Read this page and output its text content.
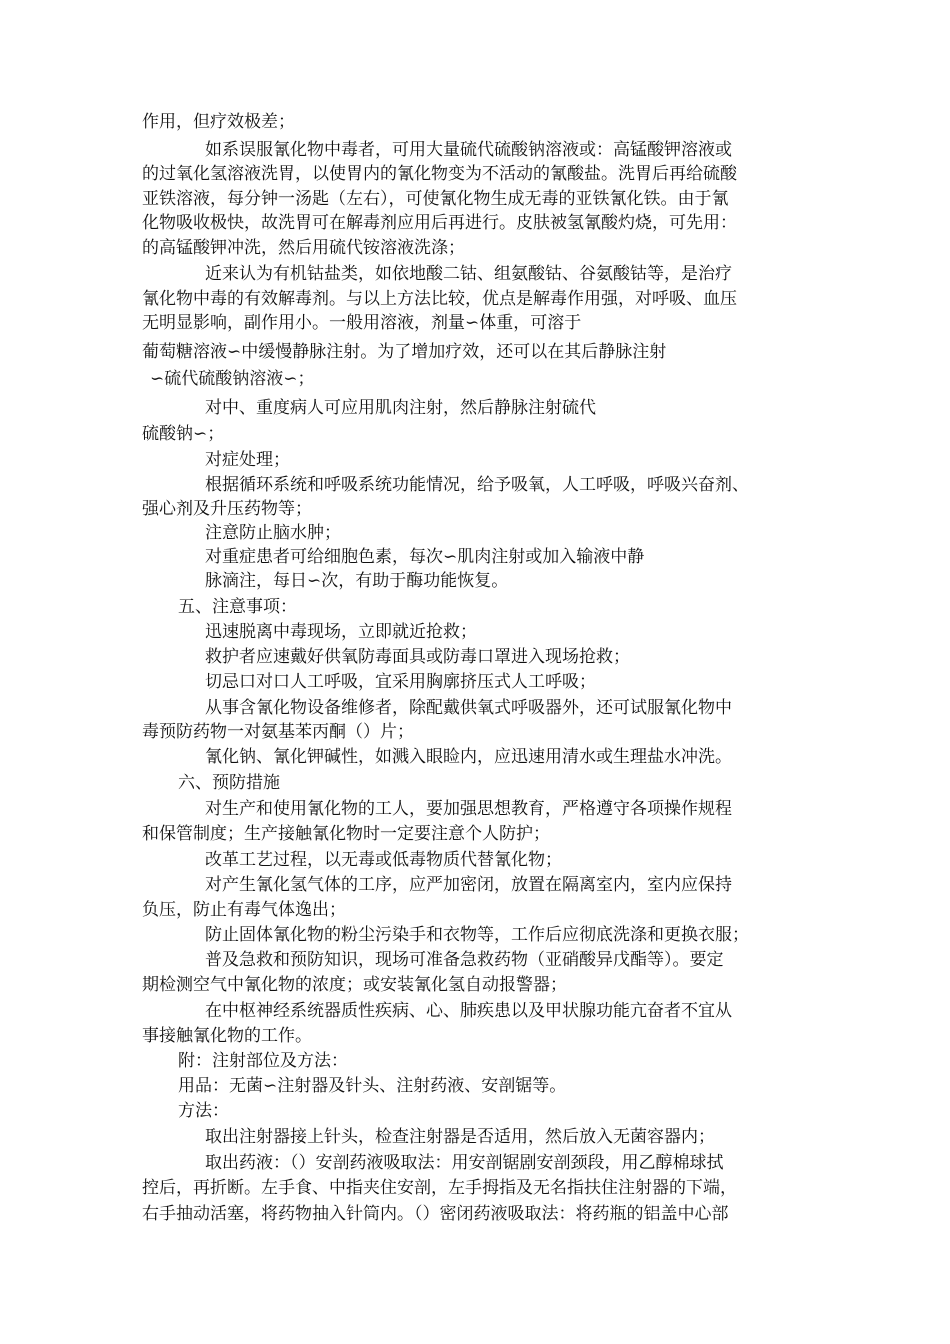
作用，但疗效极差；
如系误服氰化物中毒者，可用大量硫代硫酸钠溶液或：高锰酸钾溶液或
的过氧化氢溶液洗胃，以使胃内的氰化物变为不活动的氰酸盐。洗胃后再给硫酸
亚铁溶液，每分钟一汤匙（左右），可使氰化物生成无毒的亚铁氰化铁。由于氰
化物吸收极快，故洗胃可在解毒剂应用后再进行。皮肤被氢氰酸灼烧，可先用：
的高锰酸钾冲洗，然后用硫代铵溶液洗涤；
近来认为有机钴盐类，如依地酸二钴、组氨酸钴、谷氨酸钴等，是治疗
氰化物中毒的有效解毒剂。与以上方法比较，优点是解毒作用强，对呼吸、血压
无明显影响，副作用小。一般用溶液，剂量∽体重，可溶于
葡萄糖溶液∽中缓慢静脉注射。为了增加疗效，还可以在其后静脉注射
∽硫代硫酸钠溶液∽；
对中、重度病人可应用肌肉注射，然后静脉注射硫代
硫酸钠∽；
对症处理；
根据循环系统和呼吸系统功能情况，给予吸氧，人工呼吸，呼吸兴奋剂、
强心剂及升压药物等；
注意防止脑水肿；
对重症患者可给细胞色素，每次∽肌肉注射或加入输液中静
脉滴注，每日∽次，有助于酶功能恢复。
五、注意事项：
迅速脱离中毒现场，立即就近抢救；
救护者应速戴好供氧防毒面具或防毒口罩进入现场抢救；
切忌口对口人工呼吸，宜采用胸廓挤压式人工呼吸；
从事含氰化物设备维修者，除配戴供氧式呼吸器外，还可试服氰化物中
毒预防药物一对氨基苯丙酮（）片；
氰化钠、氰化钾碱性，如溅入眼睑内，应迅速用清水或生理盐水冲洗。
六、预防措施
对生产和使用氰化物的工人，要加强思想教育，严格遵守各项操作规程
和保管制度；生产接触氰化物时一定要注意个人防护；
改革工艺过程，以无毒或低毒物质代替氰化物；
对产生氰化氢气体的工序，应严加密闭，放置在隔离室内，室内应保持
负压，防止有毒气体逸出；
防止固体氰化物的粉尘污染手和衣物等，工作后应彻底洗涤和更换衣服；
普及急救和预防知识，现场可准备急救药物（亚硝酸异戊酯等）。要定
期检测空气中氰化物的浓度；或安装氰化氢自动报警器；
在中枢神经系统器质性疾病、心、肺疾患以及甲状腺功能亢奋者不宜从
事接触氰化物的工作。
附：注射部位及方法：
用品：无菌∽注射器及针头、注射药液、安剖锯等。
方法：
取出注射器接上针头，检查注射器是否适用，然后放入无菌容器内；
取出药液：（）安剖药液吸取法：用安剖锯剧安剖颈段，用乙醇棉球拭
控后，再折断。左手食、中指夹住安剖，左手拇指及无名指扶住注射器的下端，
右手抽动活塞，将药物抽入针筒内。（）密闭药液吸取法：将药瓶的铝盖中心部
